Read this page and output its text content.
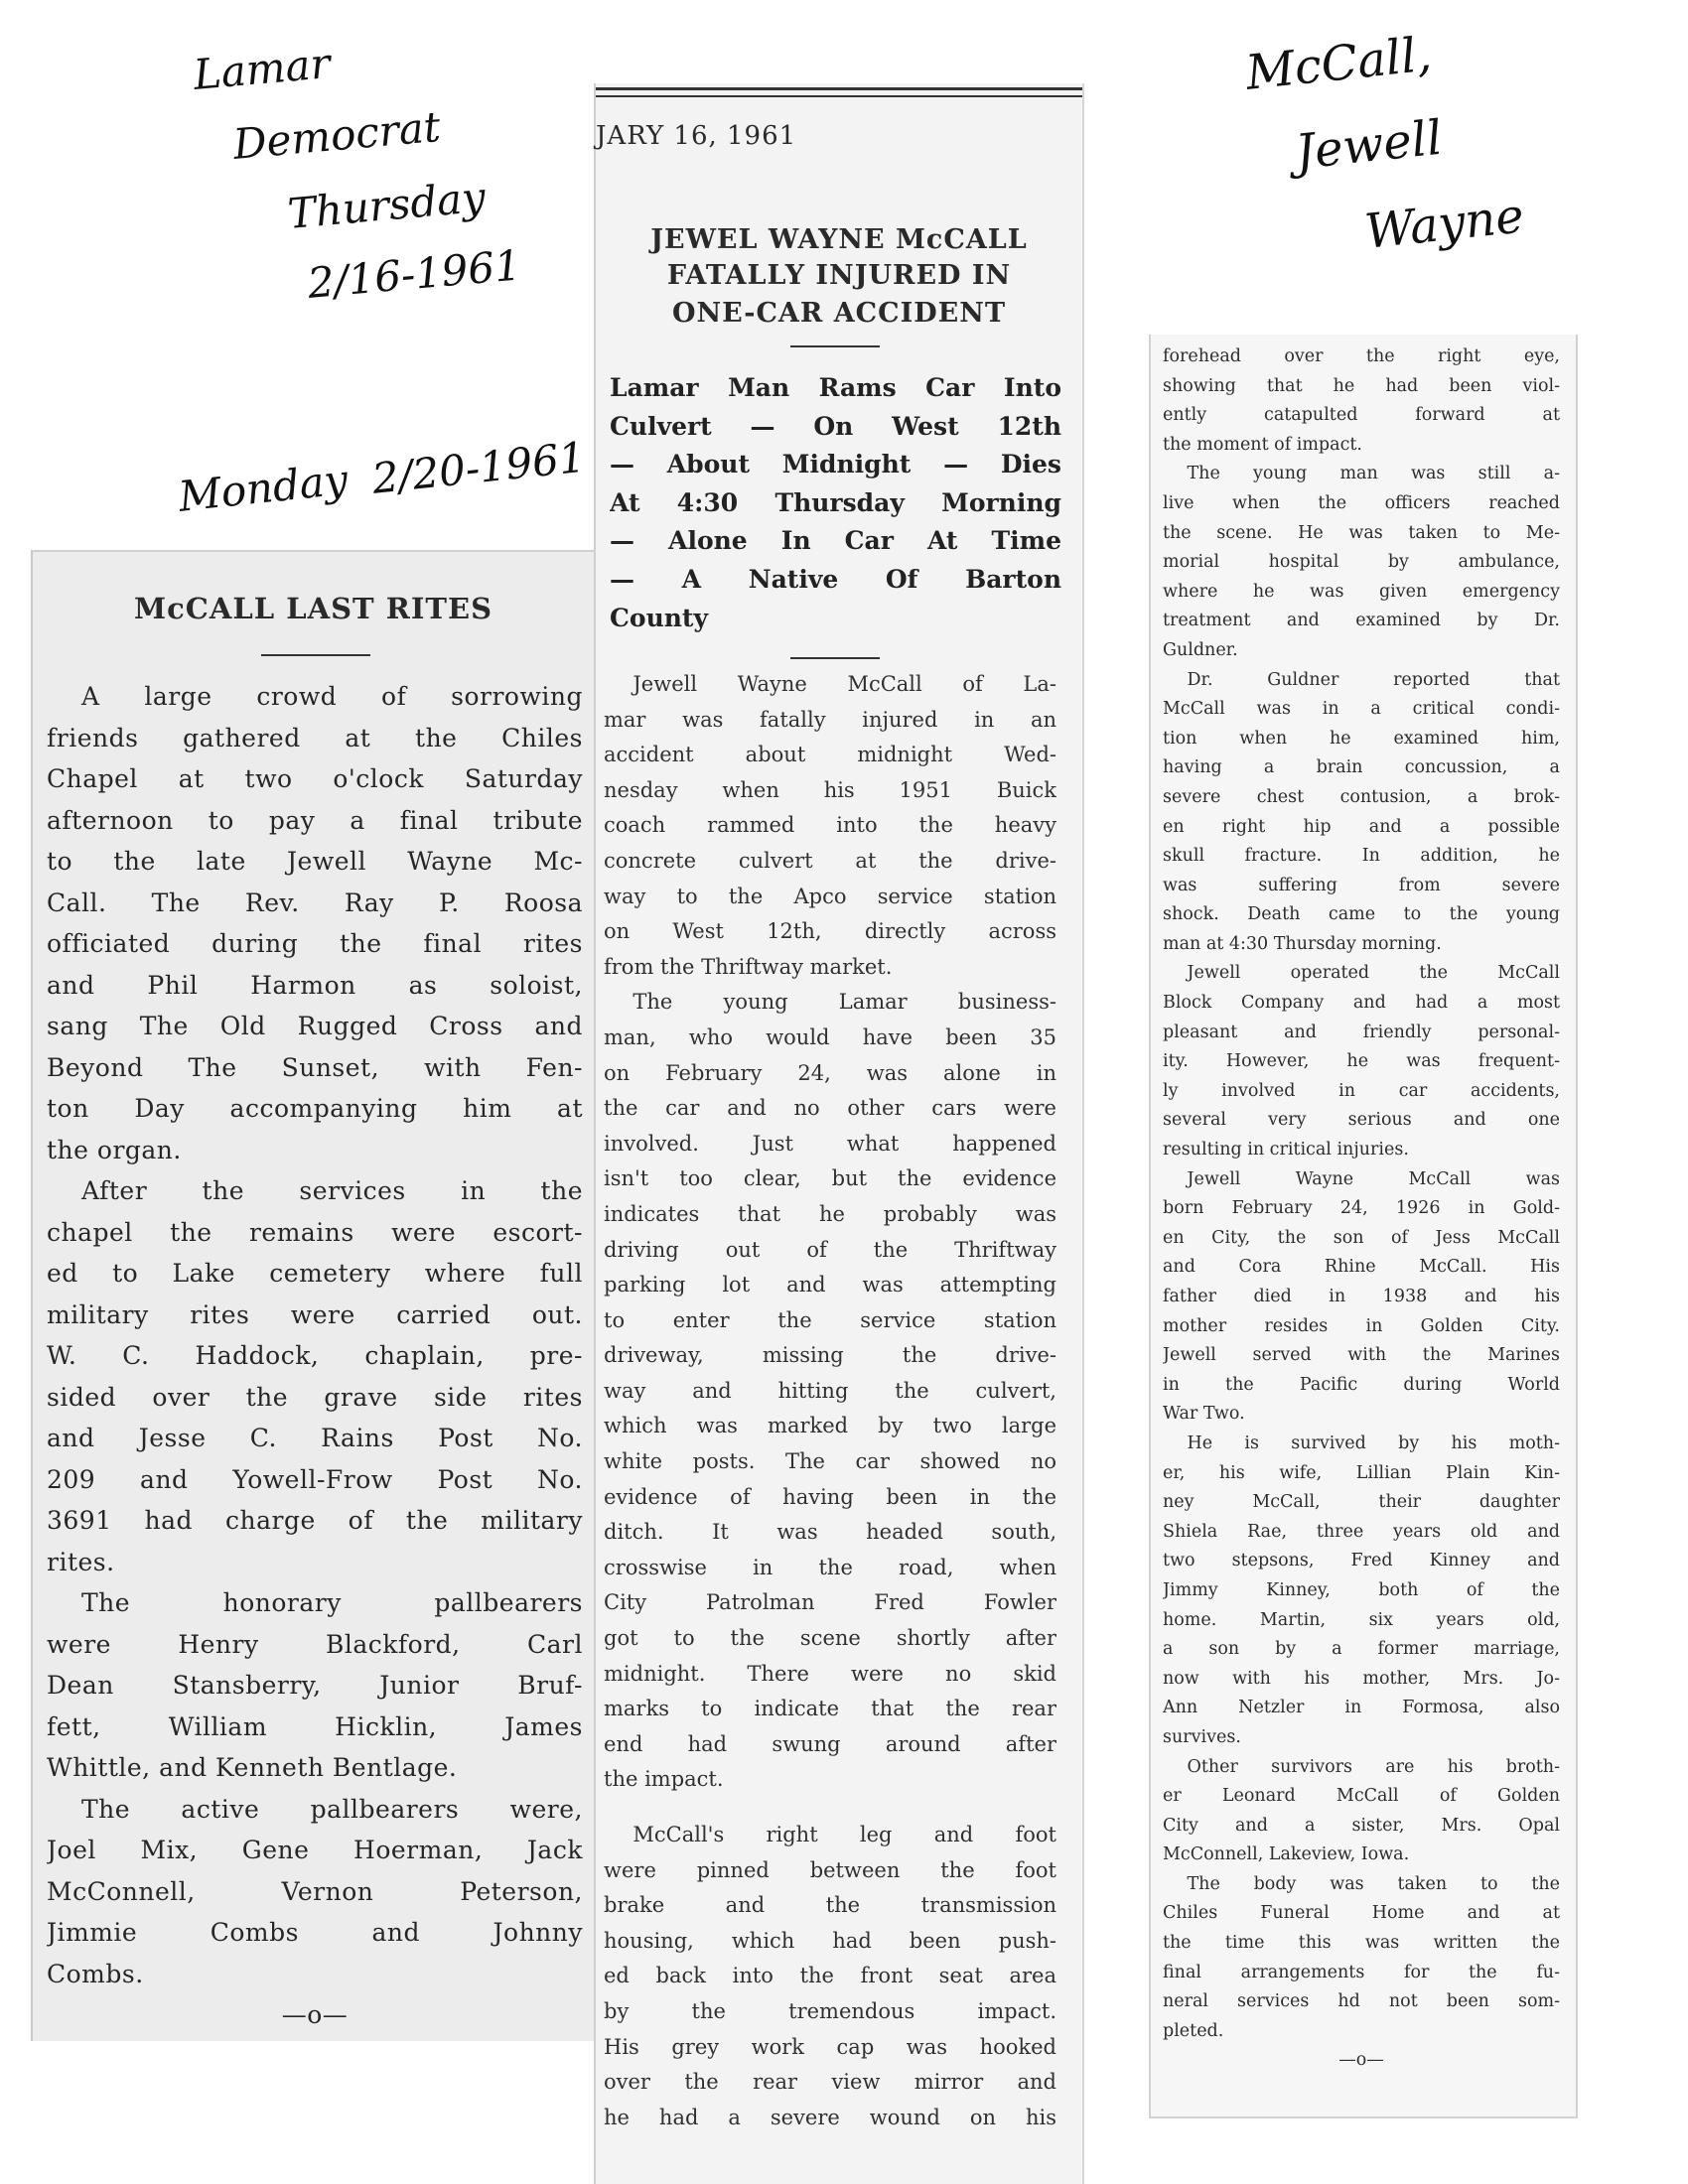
Lamar
Democrat
Thursday
2/16-1961
Monday 2/20-1961
McCall,
Jewell
Wayne
McCALL LAST RITES
A large crowd of sorrowing
friends gathered at the Chiles
Chapel at two o'clock Saturday
afternoon to pay a final tribute
to the late Jewell Wayne Mc-
Call. The Rev. Ray P. Roosa
officiated during the final rites
and Phil Harmon as soloist,
sang The Old Rugged Cross and
Beyond The Sunset, with Fen-
ton Day accompanying him at
the organ.
After the services in the
chapel the remains were escort-
ed to Lake cemetery where full
military rites were carried out.
W. C. Haddock, chaplain, pre-
sided over the grave side rites
and Jesse C. Rains Post No.
209 and Yowell-Frow Post No.
3691 had charge of the military
rites.
The honorary pallbearers
were Henry Blackford, Carl
Dean Stansberry, Junior Bruf-
fett, William Hicklin, James
Whittle, and Kenneth Bentlage.
The active pallbearers were,
Joel Mix, Gene Hoerman, Jack
McConnell, Vernon Peterson,
Jimmie Combs and Johnny
Combs.
—o—
JARY 16, 1961
JEWEL WAYNE McCALL
FATALLY INJURED IN
ONE-CAR ACCIDENT
Lamar Man Rams Car Into
Culvert — On West 12th
— About Midnight — Dies
At 4:30 Thursday Morning
— Alone In Car At Time
— A Native Of Barton
County
Jewell Wayne McCall of La-
mar was fatally injured in an
accident about midnight Wed-
nesday when his 1951 Buick
coach rammed into the heavy
concrete culvert at the drive-
way to the Apco service station
on West 12th, directly across
from the Thriftway market.
The young Lamar business-
man, who would have been 35
on February 24, was alone in
the car and no other cars were
involved. Just what happened
isn't too clear, but the evidence
indicates that he probably was
driving out of the Thriftway
parking lot and was attempting
to enter the service station
driveway, missing the drive-
way and hitting the culvert,
which was marked by two large
white posts. The car showed no
evidence of having been in the
ditch. It was headed south,
crosswise in the road, when
City Patrolman Fred Fowler
got to the scene shortly after
midnight. There were no skid
marks to indicate that the rear
end had swung around after
the impact.
McCall's right leg and foot
were pinned between the foot
brake and the transmission
housing, which had been push-
ed back into the front seat area
by the tremendous impact.
His grey work cap was hooked
over the rear view mirror and
he had a severe wound on his
forehead over the right eye,
showing that he had been viol-
ently catapulted forward at
the moment of impact.
The young man was still a-
live when the officers reached
the scene. He was taken to Me-
morial hospital by ambulance,
where he was given emergency
treatment and examined by Dr.
Guldner.
Dr. Guldner reported that
McCall was in a critical condi-
tion when he examined him,
having a brain concussion, a
severe chest contusion, a brok-
en right hip and a possible
skull fracture. In addition, he
was suffering from severe
shock. Death came to the young
man at 4:30 Thursday morning.
Jewell operated the McCall
Block Company and had a most
pleasant and friendly personal-
ity. However, he was frequent-
ly involved in car accidents,
several very serious and one
resulting in critical injuries.
Jewell Wayne McCall was
born February 24, 1926 in Gold-
en City, the son of Jess McCall
and Cora Rhine McCall. His
father died in 1938 and his
mother resides in Golden City.
Jewell served with the Marines
in the Pacific during World
War Two.
He is survived by his moth-
er, his wife, Lillian Plain Kin-
ney McCall, their daughter
Shiela Rae, three years old and
two stepsons, Fred Kinney and
Jimmy Kinney, both of the
home. Martin, six years old,
a son by a former marriage,
now with his mother, Mrs. Jo-
Ann Netzler in Formosa, also
survives.
Other survivors are his broth-
er Leonard McCall of Golden
City and a sister, Mrs. Opal
McConnell, Lakeview, Iowa.
The body was taken to the
Chiles Funeral Home and at
the time this was written the
final arrangements for the fu-
neral services hd not been som-
pleted.
—o—
